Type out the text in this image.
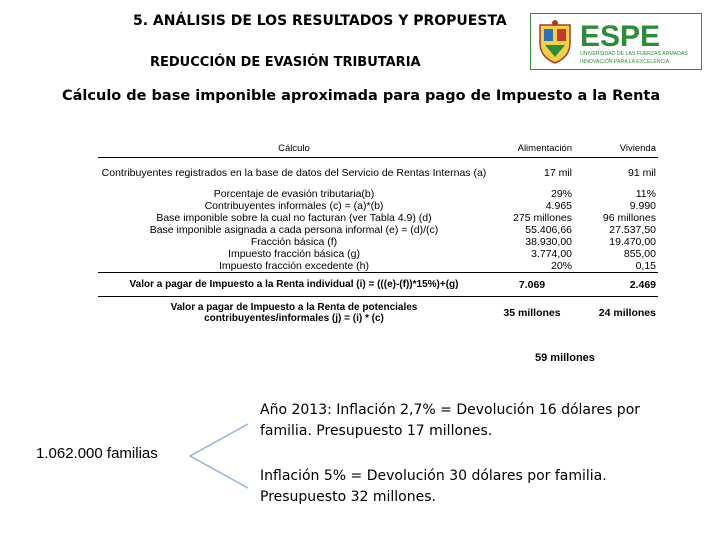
5. ANÁLISIS DE LOS RESULTADOS Y PROPUESTA
REDUCCIÓN DE EVASIÓN TRIBUTARIA
Cálculo de base imponible aproximada para pago de Impuesto a la Renta
ESPE
UNIVERSIDAD DE LAS FUERZAS ARMADAS
INNOVACIÓN PARA LA EXCELENCIA
Cálculo	Alimentación	Vivienda
Contribuyentes registrados en la base de datos del Servicio de Rentas Internas (a)	17 mil	91 mil
Porcentaje de evasión tributaria(b)	29%	11%
Contribuyentes informales (c) = (a)*(b)	4.965	9.990
Base imponible sobre la cual no facturan (ver Tabla 4.9) (d)	275 millones	96 millones
Base imponible asignada a cada persona informal (e) = (d)/(c)	55.406,66	27.537,50
Fracción básica (f)	38.930,00	19.470,00
Impuesto fracción básica (g)	3.774,00	855,00
Impuesto fracción excedente (h)	20%	0,15
Valor a pagar de Impuesto a la Renta individual (i) = (((e)-(f))*15%)+(g)	7.069	2.469
Valor a pagar de Impuesto a la Renta de potenciales contribuyentes/informales (j) = (i) * (c)	35 millones	24 millones
59 millones
1.062.000 familias
Año 2013: Inflación 2,7% = Devolución 16 dólares por familia. Presupuesto 17 millones.
Inflación 5% = Devolución 30 dólares por familia. Presupuesto 32 millones.
